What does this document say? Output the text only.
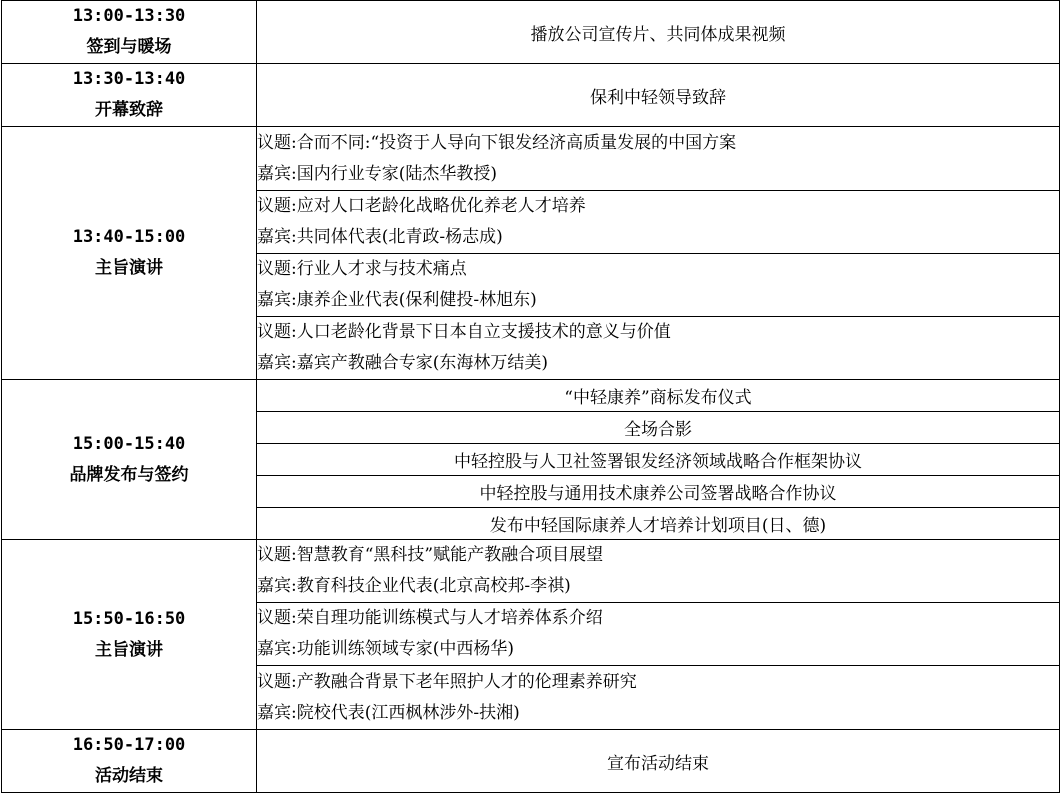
13:00-13:30
签到与暖场	播放公司宣传片、共同体成果视频

13:30-13:40
开幕致辞	保利中轻领导致辞

13:40-15:00
主旨演讲	议题:合而不同:“投资于人导向下银发经济高质量发展的中国方案
嘉宾:国内行业专家(陆杰华教授)

	议题:应对人口老龄化战略优化养老人才培养
嘉宾:共同体代表(北青政-杨志成)

	议题:行业人才求与技术痛点
嘉宾:康养企业代表(保利健投-林旭东)

	议题:人口老龄化背景下日本自立支援技术的意义与价值
嘉宾:嘉宾产教融合专家(东海林万结美)

15:00-15:40
品牌发布与签约	“中轻康养”商标发布仪式
	全场合影
	中轻控股与人卫社签署银发经济领域战略合作框架协议
	中轻控股与通用技术康养公司签署战略合作协议
	发布中轻国际康养人才培养计划项目(日、德)

15:50-16:50
主旨演讲	议题:智慧教育“黑科技”赋能产教融合项目展望
嘉宾:教育科技企业代表(北京高校邦-李祺)

	议题:荣自理功能训练模式与人才培养体系介绍
嘉宾:功能训练领域专家(中西杨华)

	议题:产教融合背景下老年照护人才的伦理素养研究
嘉宾:院校代表(江西枫林涉外-扶湘)

16:50-17:00
活动结束	宣布活动结束
